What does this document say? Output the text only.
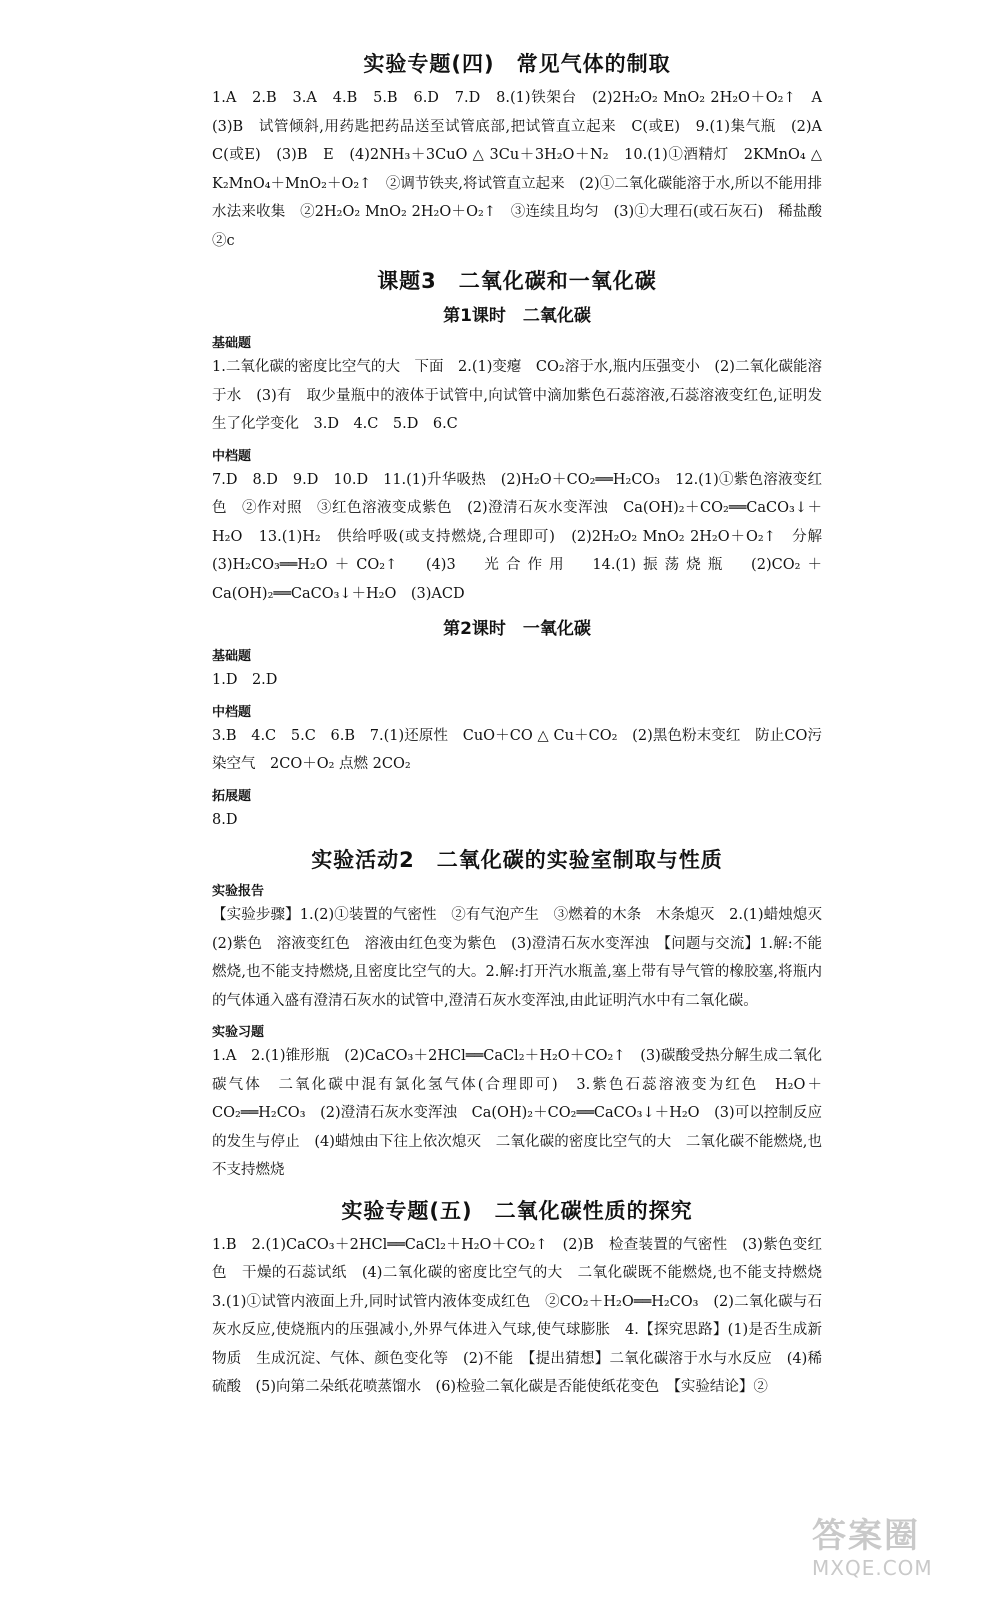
实验专题(四)　常见气体的制取

1.A　2.B　3.A　4.B　5.B　6.D　7.D　8.(1)铁架台　(2)2H₂O₂ MnO₂ 2H₂O＋O₂↑　A　(3)B　试管倾斜,用药匙把药品送至试管底部,把试管直立起来　C(或E)　9.(1)集气瓶　(2)A　C(或E)　(3)B　E　(4)2NH₃＋3CuO △ 3Cu＋3H₂O＋N₂　10.(1)①酒精灯　2KMnO₄ △ K₂MnO₄＋MnO₂＋O₂↑　②调节铁夹,将试管直立起来　(2)①二氧化碳能溶于水,所以不能用排水法来收集　②2H₂O₂ MnO₂ 2H₂O＋O₂↑　③连续且均匀　(3)①大理石(或石灰石)　稀盐酸　②c

课题3　二氧化碳和一氧化碳
第1课时　二氧化碳
基础题

1.二氧化碳的密度比空气的大　下面　2.(1)变瘪　CO₂溶于水,瓶内压强变小　(2)二氧化碳能溶于水　(3)有　取少量瓶中的液体于试管中,向试管中滴加紫色石蕊溶液,石蕊溶液变红色,证明发生了化学变化　3.D　4.C　5.D　6.C

中档题

7.D　8.D　9.D　10.D　11.(1)升华吸热　(2)H₂O＋CO₂══H₂CO₃　12.(1)①紫色溶液变红色　②作对照　③红色溶液变成紫色　(2)澄清石灰水变浑浊　Ca(OH)₂＋CO₂══CaCO₃↓＋H₂O　13.(1)H₂　供给呼吸(或支持燃烧,合理即可)　(2)2H₂O₂ MnO₂ 2H₂O＋O₂↑　分解　(3)H₂CO₃══H₂O＋CO₂↑　(4)3　光合作用　14.(1)振荡烧瓶　(2)CO₂＋Ca(OH)₂══CaCO₃↓＋H₂O　(3)ACD

第2课时　一氧化碳
基础题

1.D　2.D

中档题

3.B　4.C　5.C　6.B　7.(1)还原性　CuO＋CO △ Cu＋CO₂　(2)黑色粉末变红　防止CO污染空气　2CO＋O₂ 点燃 2CO₂

拓展题

8.D

实验活动2　二氧化碳的实验室制取与性质
实验报告

【实验步骤】1.(2)①装置的气密性　②有气泡产生　③燃着的木条　木条熄灭　2.(1)蜡烛熄灭　(2)紫色　溶液变红色　溶液由红色变为紫色　(3)澄清石灰水变浑浊　【问题与交流】1.解:不能燃烧,也不能支持燃烧,且密度比空气的大。2.解:打开汽水瓶盖,塞上带有导气管的橡胶塞,将瓶内的气体通入盛有澄清石灰水的试管中,澄清石灰水变浑浊,由此证明汽水中有二氧化碳。

实验习题

1.A　2.(1)锥形瓶　(2)CaCO₃＋2HCl══CaCl₂＋H₂O＋CO₂↑　(3)碳酸受热分解生成二氧化碳气体　二氧化碳中混有氯化氢气体(合理即可)　3.紫色石蕊溶液变为红色　H₂O＋CO₂══H₂CO₃　(2)澄清石灰水变浑浊　Ca(OH)₂＋CO₂══CaCO₃↓＋H₂O　(3)可以控制反应的发生与停止　(4)蜡烛由下往上依次熄灭　二氧化碳的密度比空气的大　二氧化碳不能燃烧,也不支持燃烧

实验专题(五)　二氧化碳性质的探究

1.B　2.(1)CaCO₃＋2HCl══CaCl₂＋H₂O＋CO₂↑　(2)B　检查装置的气密性　(3)紫色变红色　干燥的石蕊试纸　(4)二氧化碳的密度比空气的大　二氧化碳既不能燃烧,也不能支持燃烧　3.(1)①试管内液面上升,同时试管内液体变成红色　②CO₂＋H₂O══H₂CO₃　(2)二氧化碳与石灰水反应,使烧瓶内的压强减小,外界气体进入气球,使气球膨胀　4.【探究思路】(1)是否生成新物质　生成沉淀、气体、颜色变化等　(2)不能　【提出猜想】二氧化碳溶于水与水反应　(4)稀硫酸　(5)向第二朵纸花喷蒸馏水　(6)检验二氧化碳是否能使纸花变色　【实验结论】②

答案圈
MXQE.COM
